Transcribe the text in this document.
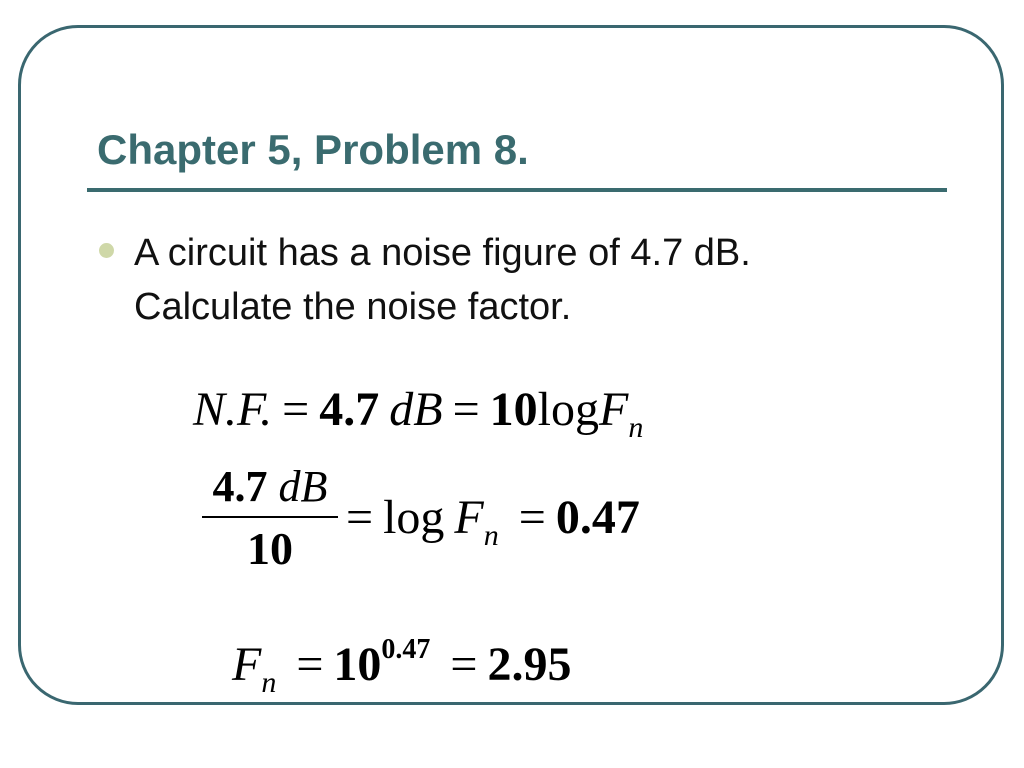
Chapter 5, Problem 8.
A circuit has a noise figure of 4.7 dB.
Calculate the noise factor.
N.F. = 4.7 dB = 10logF$_n$
4.7 dB
10
= $\log F_n = 0.47$
$F_n = 10^{0.47} = 2.95$
